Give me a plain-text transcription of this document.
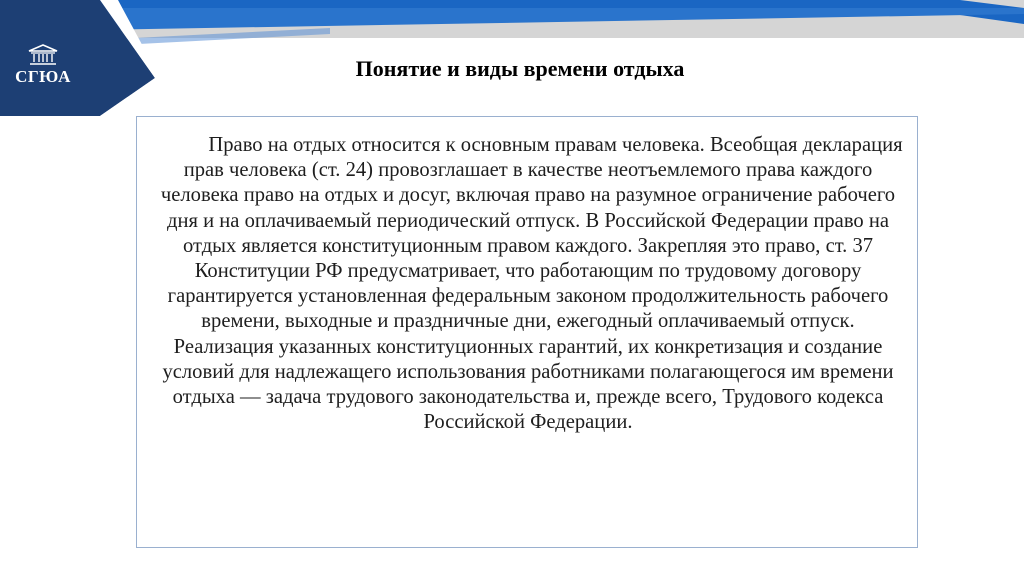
СГЮА	Понятие и виды времени отдыха

Право на отдых относится к основным правам человека. Всеобщая декларация прав человека (ст. 24) провозглашает в качестве неотъемлемого права каждого человека право на отдых и досуг, включая право на разумное ограничение рабочего дня и на оплачиваемый периодический отпуск. В Российской Федерации право на отдых является конституционным правом каждого. Закрепляя это право, ст. 37 Конституции РФ предусматривает, что работающим по трудовому договору гарантируется установленная федеральным законом продолжительность рабочего времени, выходные и праздничные дни, ежегодный оплачиваемый отпуск. Реализация указанных конституционных гарантий, их конкретизация и создание условий для надлежащего использования работниками полагающегося им времени отдыха — задача трудового законодательства и, прежде всего, Трудового кодекса Российской Федерации.
